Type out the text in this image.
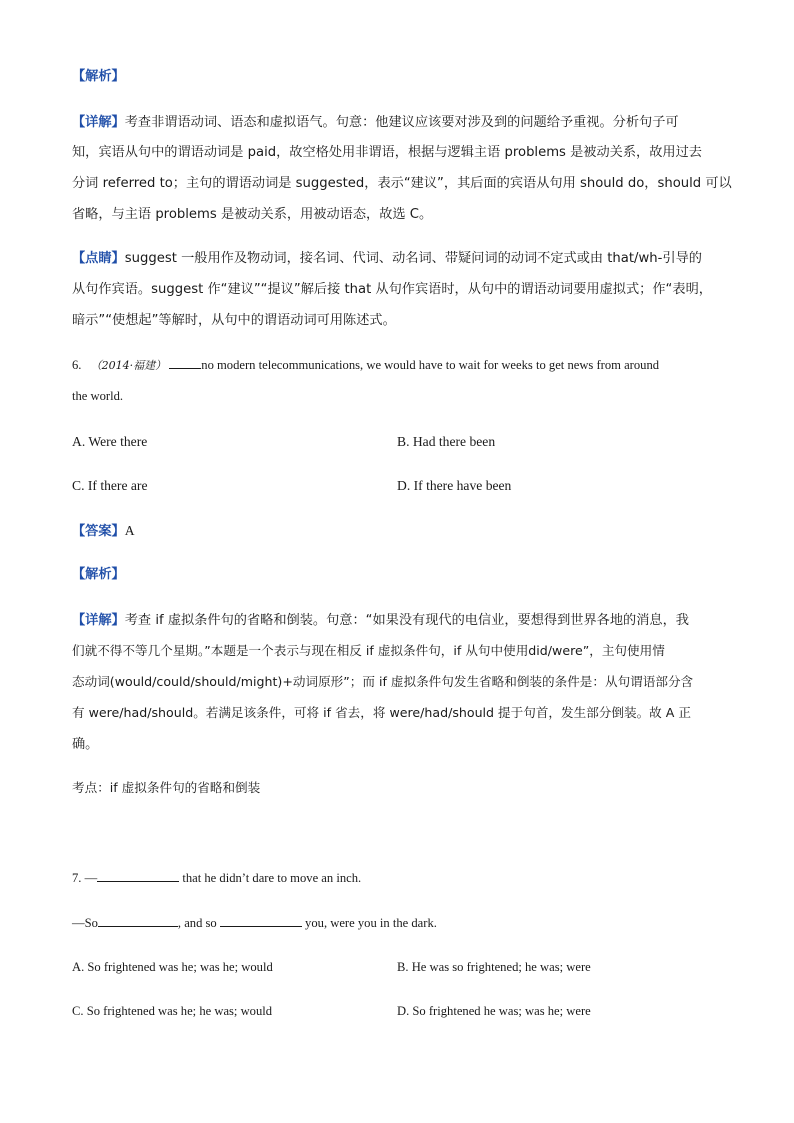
【解析】
【详解】考查非谓语动词、语态和虚拟语气。句意：他建议应该要对涉及到的问题给予重视。分析句子可
知，宾语从句中的谓语动词是 paid，故空格处用非谓语，根据与逻辑主语 problems 是被动关系，故用过去
分词 referred to；主句的谓语动词是 suggested，表示“建议”，其后面的宾语从句用 should do，should 可以
省略，与主语 problems 是被动关系，用被动语态，故选 C。
【点睛】suggest 一般用作及物动词，接名词、代词、动名词、带疑问词的动词不定式或由 that/wh-引导的
从句作宾语。suggest 作“建议”“提议”解后接 that 从句作宾语时，从句中的谓语动词要用虚拟式；作“表明，
暗示”“使想起”等解时，从句中的谓语动词可用陈述式。
6. （2014·福建）	no modern telecommunications, we would have to wait for weeks to get news from around
the world.
A. Were there	B. Had there been
C. If there are	D. If there have been
【答案】A
【解析】
【详解】考查 if 虚拟条件句的省略和倒装。句意：“如果没有现代的电信业，要想得到世界各地的消息，我
们就不得不等几个星期。”本题是一个表示与现在相反 if 虚拟条件句，if 从句中使用did/were”，主句使用情
态动词(would/could/should/might)+动词原形”；而 if 虚拟条件句发生省略和倒装的条件是：从句谓语部分含
有 were/had/should。若满足该条件，可将 if 省去，将 were/had/should 提于句首，发生部分倒装。故 A 正
确。
考点：if 虚拟条件句的省略和倒装
7. —	that he didn’t dare to move an inch.
—So	, and so	you, were you in the dark.
A. So frightened was he; was he; would	B. He was so frightened; he was; were
C. So frightened was he; he was; would	D. So frightened he was; was he; were
